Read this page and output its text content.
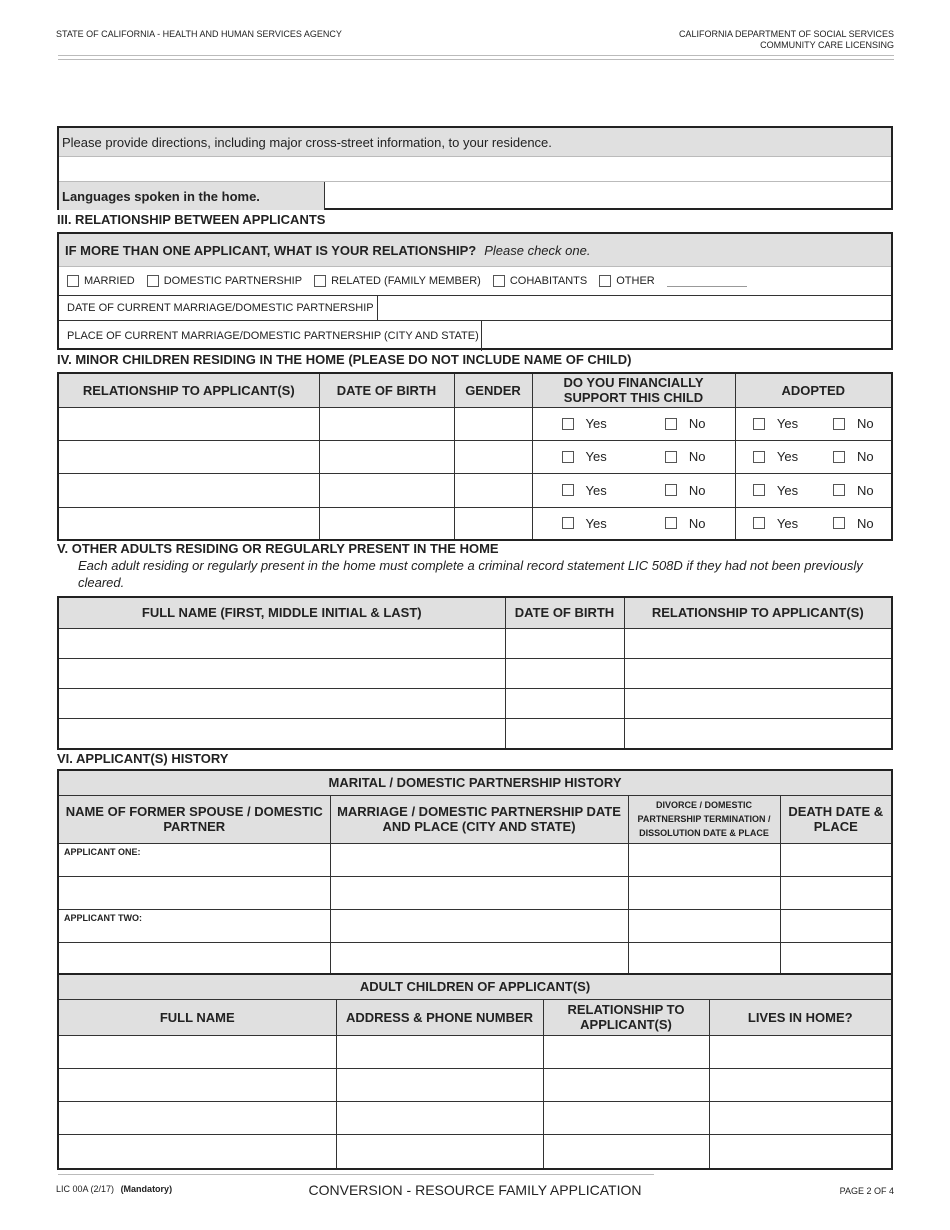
STATE OF CALIFORNIA - HEALTH AND HUMAN SERVICES AGENCY	CALIFORNIA DEPARTMENT OF SOCIAL SERVICES
COMMUNITY CARE LICENSING
Please provide directions, including major cross-street information, to your residence.
Languages spoken in the home.
III. RELATIONSHIP BETWEEN APPLICANTS
IF MORE THAN ONE APPLICANT, WHAT IS YOUR RELATIONSHIP? Please check one.
MARRIED	DOMESTIC PARTNERSHIP	RELATED (FAMILY MEMBER)	COHABITANTS	OTHER
DATE OF CURRENT MARRIAGE/DOMESTIC PARTNERSHIP
PLACE OF CURRENT MARRIAGE/DOMESTIC PARTNERSHIP (CITY AND STATE)
IV. MINOR CHILDREN RESIDING IN THE HOME (PLEASE DO NOT INCLUDE NAME OF CHILD)
RELATIONSHIP TO APPLICANT(S)	DATE OF BIRTH	GENDER	DO YOU FINANCIALLY SUPPORT THIS CHILD	ADOPTED

			Yes No	Yes No

			Yes No	Yes No

			Yes No	Yes No

			Yes No	Yes No
V. OTHER ADULTS RESIDING OR REGULARLY PRESENT IN THE HOME
Each adult residing or regularly present in the home must complete a criminal record statement LIC 508D if they had not been previously cleared.
FULL NAME (FIRST, MIDDLE INITIAL & LAST)	DATE OF BIRTH	RELATIONSHIP TO APPLICANT(S)

VI. APPLICANT(S) HISTORY
MARITAL / DOMESTIC PARTNERSHIP HISTORY			
NAME OF FORMER SPOUSE / DOMESTIC PARTNER	MARRIAGE / DOMESTIC PARTNERSHIP DATE AND PLACE (CITY AND STATE)	DIVORCE / DOMESTIC PARTNERSHIP TERMINATION / DISSOLUTION DATE & PLACE	DEATH DATE & PLACE
APPLICANT ONE:			

APPLICANT TWO:			

ADULT CHILDREN OF APPLICANT(S)			
FULL NAME	ADDRESS & PHONE NUMBER	RELATIONSHIP TO APPLICANT(S)	LIVES IN HOME?

LIC 00A (2/17) (Mandatory)	CONVERSION - RESOURCE FAMILY APPLICATION	PAGE 2 OF 4
